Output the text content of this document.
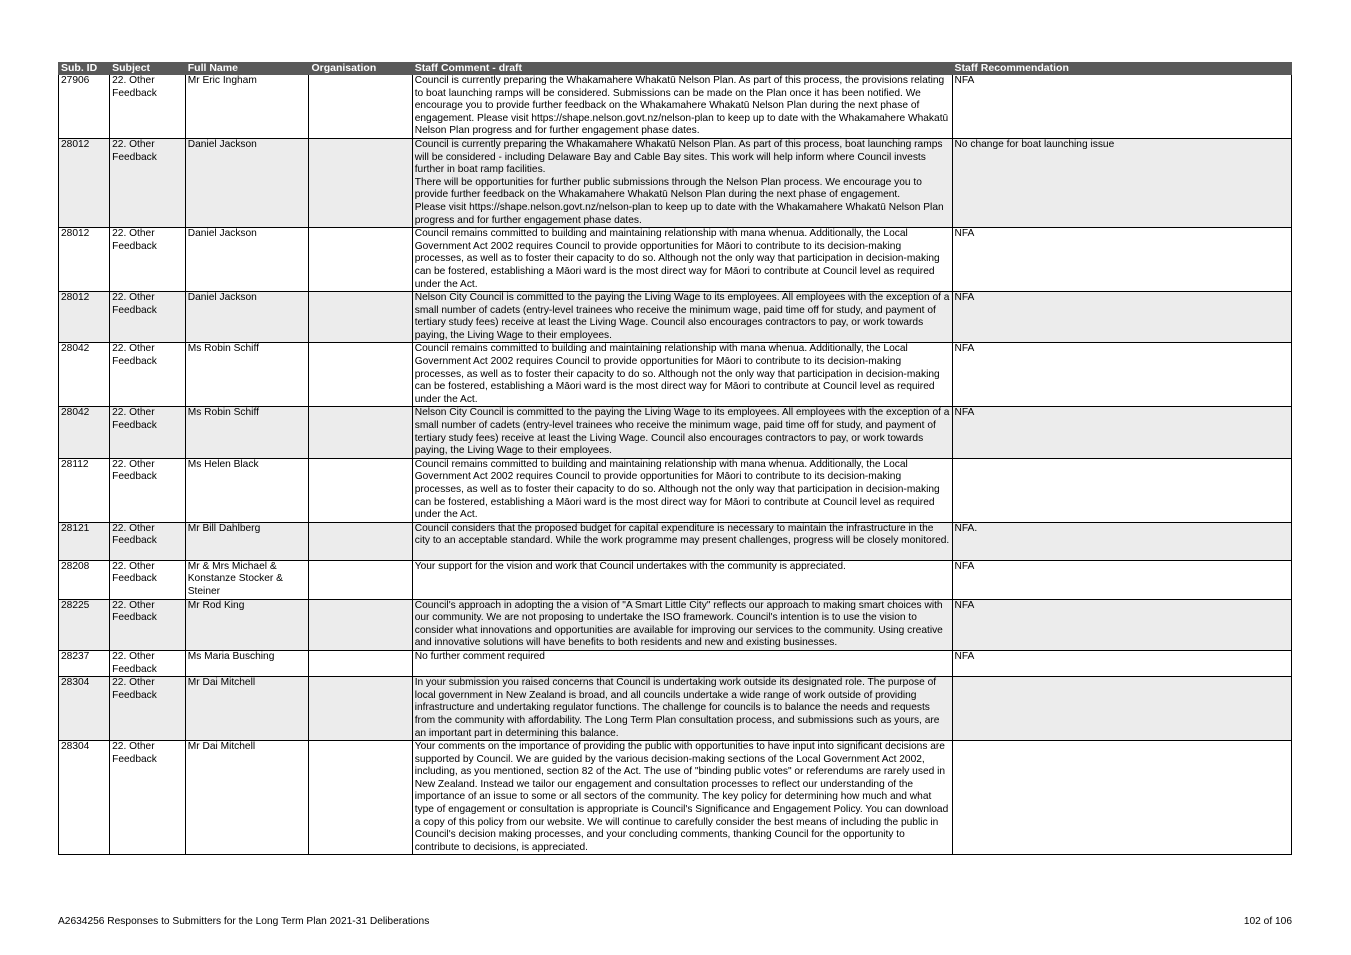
Sub. ID	Subject	Full Name	Organisation	Staff Comment - draft	Staff Recommendation
27906	22. Other Feedback	Mr Eric Ingham		Council is currently preparing the Whakamahere Whakatū Nelson Plan. As part of this process, the provisions relating to boat launching ramps will be considered. Submissions can be made on the Plan once it has been notified. We encourage you to provide further feedback on the Whakamahere Whakatū Nelson Plan during the next phase of engagement. Please visit https://shape.nelson.govt.nz/nelson-plan to keep up to date with the Whakamahere Whakatū Nelson Plan progress and for further engagement phase dates.	NFA
28012	22. Other Feedback	Daniel Jackson		Council is currently preparing the Whakamahere Whakatū Nelson Plan. As part of this process, boat launching ramps will be considered - including Delaware Bay and Cable Bay sites. This work will help inform where Council invests further in boat ramp facilities.
There will be opportunities for further public submissions through the Nelson Plan process. We encourage you to provide further feedback on the Whakamahere Whakatū Nelson Plan during the next phase of engagement.
Please visit https://shape.nelson.govt.nz/nelson-plan to keep up to date with the Whakamahere Whakatū Nelson Plan progress and for further engagement phase dates.	No change for boat launching issue
28012	22. Other Feedback	Daniel Jackson		Council remains committed to building and maintaining relationship with mana whenua. Additionally, the Local Government Act 2002 requires Council to provide opportunities for Māori to contribute to its decision-making processes, as well as to foster their capacity to do so. Although not the only way that participation in decision-making can be fostered, establishing a Māori ward is the most direct way for Māori to contribute at Council level as required under the Act.	NFA
28012	22. Other Feedback	Daniel Jackson		Nelson City Council is committed to the paying the Living Wage to its employees. All employees with the exception of a small number of cadets (entry-level trainees who receive the minimum wage, paid time off for study, and payment of tertiary study fees) receive at least the Living Wage. Council also encourages contractors to pay, or work towards paying, the Living Wage to their employees.	NFA
28042	22. Other Feedback	Ms Robin Schiff		Council remains committed to building and maintaining relationship with mana whenua. Additionally, the Local Government Act 2002 requires Council to provide opportunities for Māori to contribute to its decision-making processes, as well as to foster their capacity to do so. Although not the only way that participation in decision-making can be fostered, establishing a Māori ward is the most direct way for Māori to contribute at Council level as required under the Act.	NFA
28042	22. Other Feedback	Ms Robin Schiff		Nelson City Council is committed to the paying the Living Wage to its employees. All employees with the exception of a small number of cadets (entry-level trainees who receive the minimum wage, paid time off for study, and payment of tertiary study fees) receive at least the Living Wage. Council also encourages contractors to pay, or work towards paying, the Living Wage to their employees.	NFA
28112	22. Other Feedback	Ms Helen Black		Council remains committed to building and maintaining relationship with mana whenua. Additionally, the Local Government Act 2002 requires Council to provide opportunities for Māori to contribute to its decision-making processes, as well as to foster their capacity to do so. Although not the only way that participation in decision-making can be fostered, establishing a Māori ward is the most direct way for Māori to contribute at Council level as required under the Act.	
28121	22. Other Feedback	Mr Bill Dahlberg		Council considers that the proposed budget for capital expenditure is necessary to maintain the infrastructure in the city to an acceptable standard. While the work programme may present challenges, progress will be closely monitored.	NFA.
28208	22. Other Feedback	Mr & Mrs Michael & Konstanze Stocker & Steiner		Your support for the vision and work that Council undertakes with the community is appreciated.	NFA
28225	22. Other Feedback	Mr Rod King		Council's approach in adopting the a vision of "A Smart Little City" reflects our approach to making smart choices with our community. We are not proposing to undertake the ISO framework. Council's intention is to use the vision to consider what innovations and opportunities are available for improving our services to the community. Using creative and innovative solutions will have benefits to both residents and new and existing businesses.	NFA
28237	22. Other Feedback	Ms Maria Busching		No further comment required	NFA
28304	22. Other Feedback	Mr Dai Mitchell		In your submission you raised concerns that Council is undertaking work outside its designated role. The purpose of local government in New Zealand is broad, and all councils undertake a wide range of work outside of providing infrastructure and undertaking regulator functions. The challenge for councils is to balance the needs and requests from the community with affordability. The Long Term Plan consultation process, and submissions such as yours, are an important part in determining this balance.	
28304	22. Other Feedback	Mr Dai Mitchell		Your comments on the importance of providing the public with opportunities to have input into significant decisions are supported by Council. We are guided by the various decision-making sections of the Local Government Act 2002, including, as you mentioned, section 82 of the Act. The use of "binding public votes" or referendums are rarely used in New Zealand. Instead we tailor our engagement and consultation processes to reflect our understanding of the importance of an issue to some or all sectors of the community. The key policy for determining how much and what type of engagement or consultation is appropriate is Council's Significance and Engagement Policy. You can download a copy of this policy from our website. We will continue to carefully consider the best means of including the public in Council's decision making processes, and your concluding comments, thanking Council for the opportunity to contribute to decisions, is appreciated.	
A2634256 Responses to Submitters for the Long Term Plan 2021-31 Deliberations	102 of 106
